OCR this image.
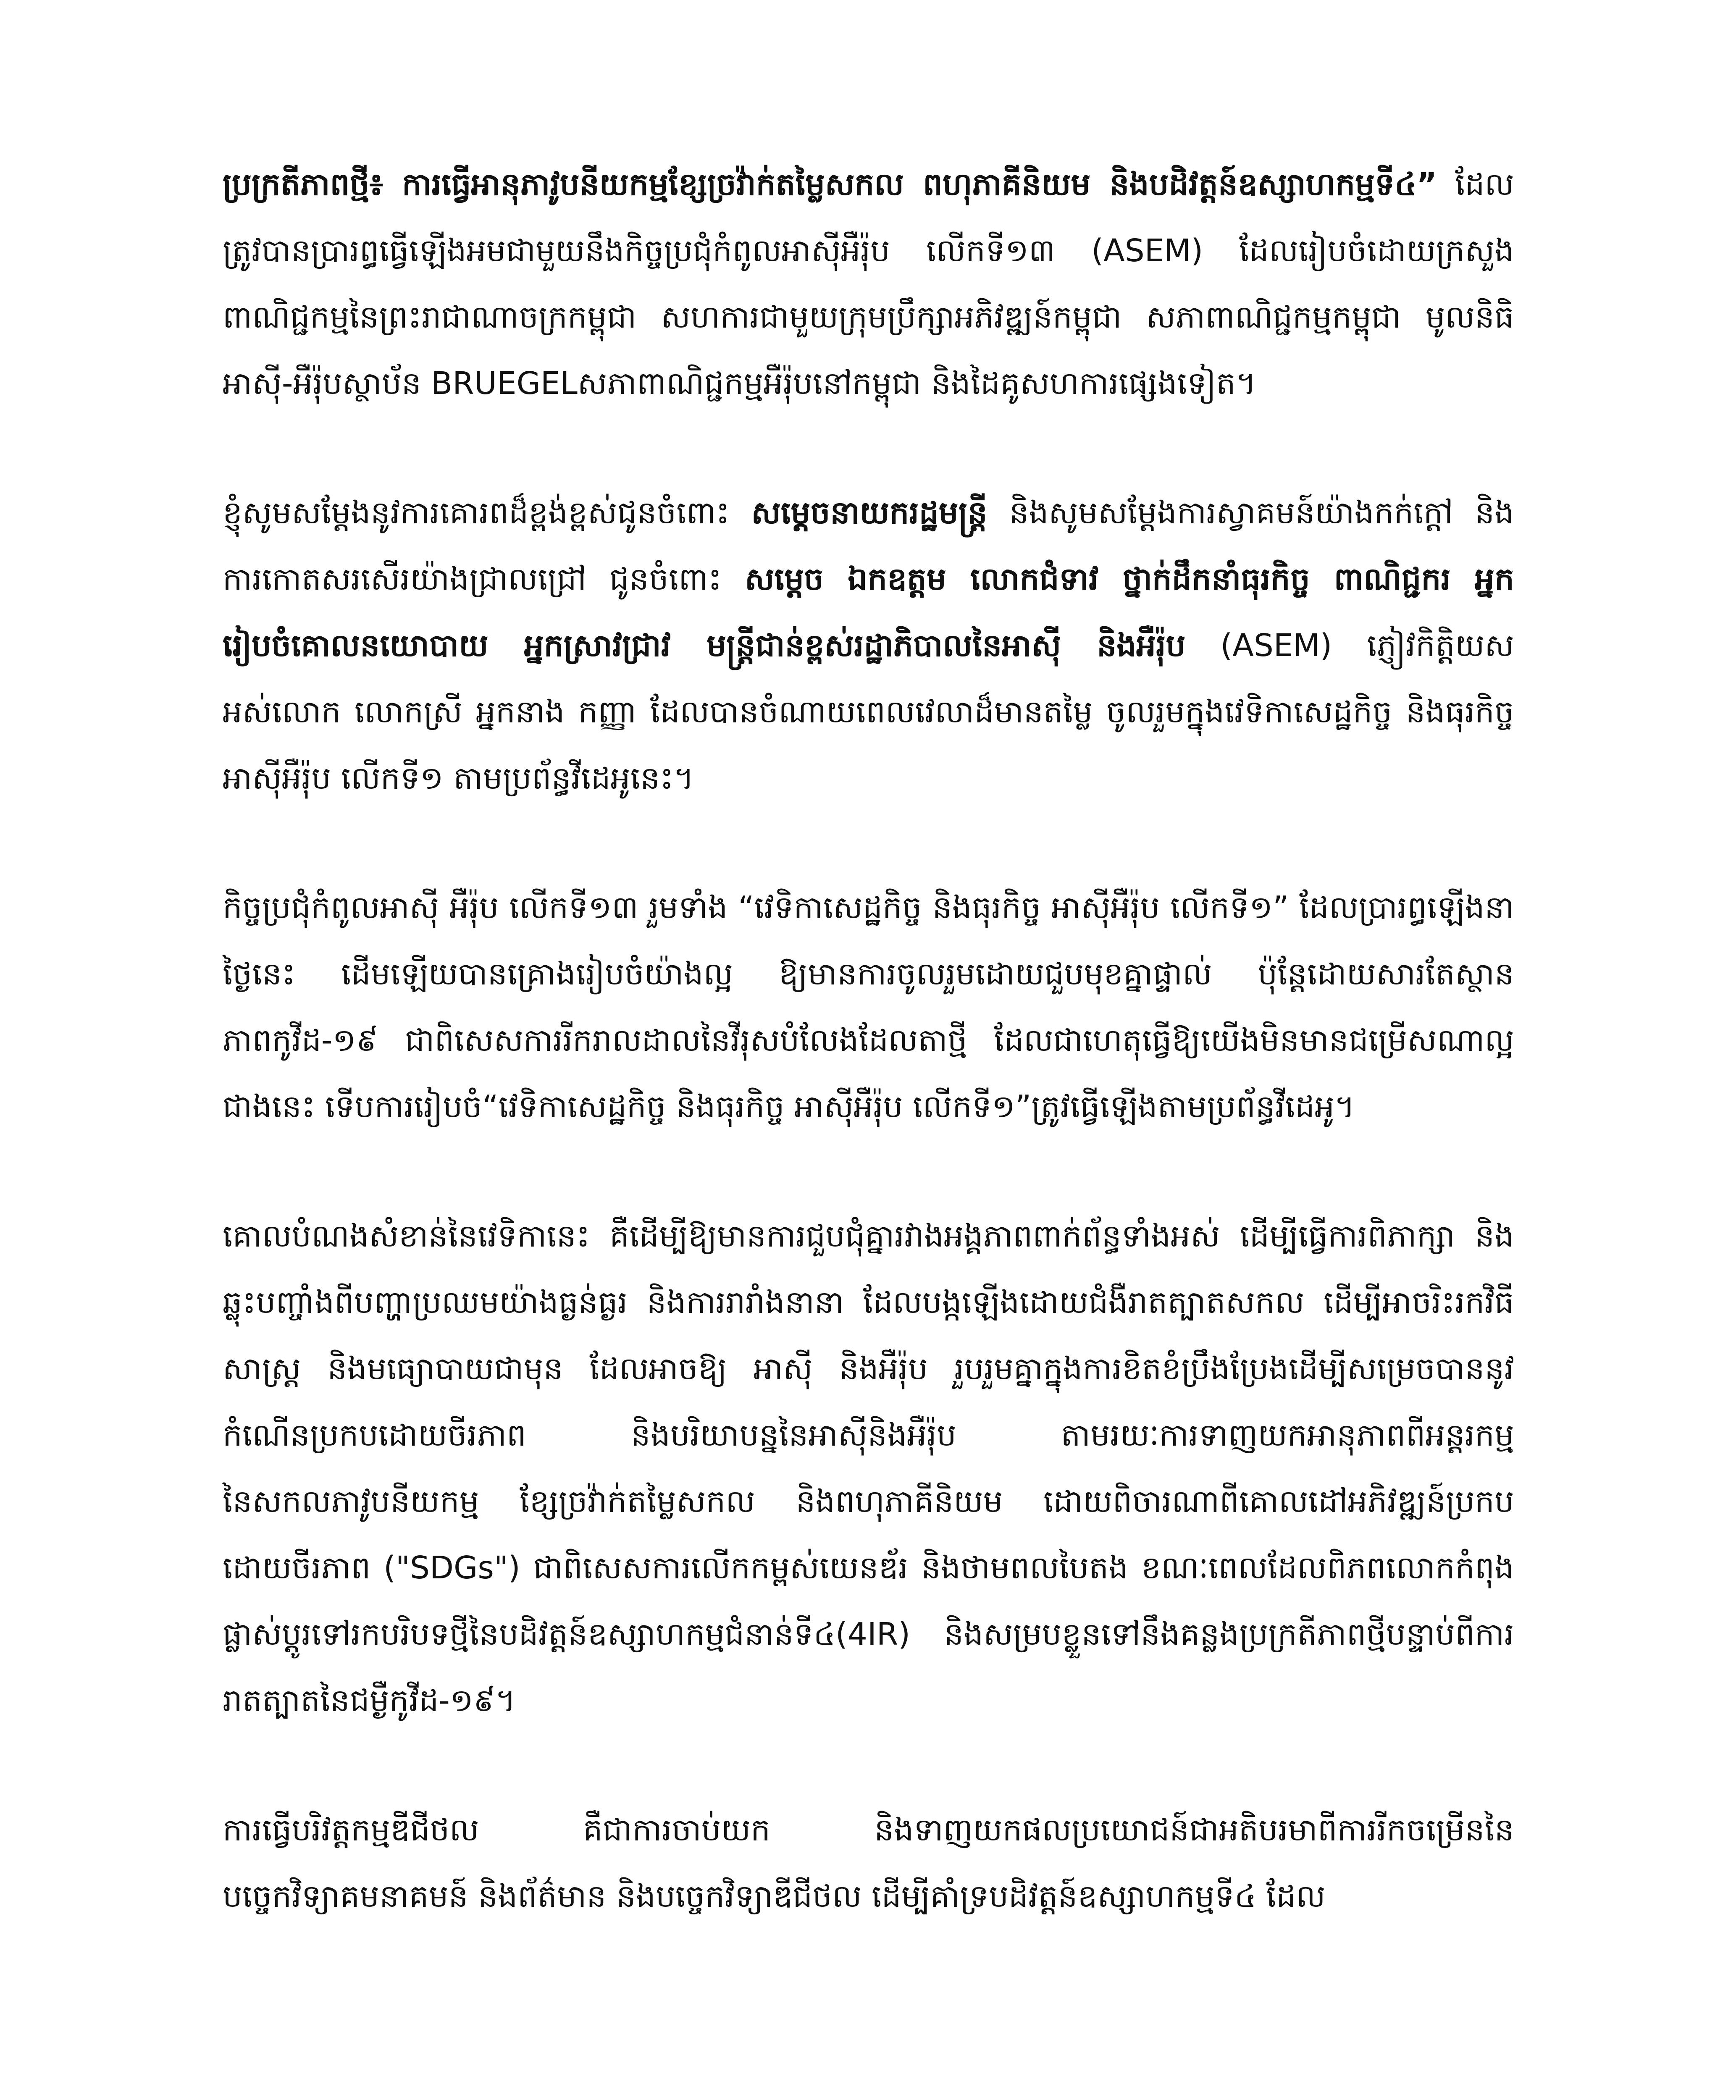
ប្រក្រតីភាពថ្មី៖ ការធ្វើអានុភាវូបនីយកម្មខ្សែច្រវ៉ាក់តម្លៃសកល ពហុភាគីនិយម និងបដិវត្តន៍ឧស្សាហកម្មទី៤” ដែលត្រូវបានប្រារព្ធធ្វើឡើងអមជាមួយនឹងកិច្ចប្រជុំកំពូលអាស៊ីអឺរ៉ុប លើកទី១៣ (ASEM) ដែលរៀបចំដោយក្រសួងពាណិជ្ជកម្មនៃព្រះរាជាណាចក្រកម្ពុជា សហការជាមួយក្រុមប្រឹក្សាអភិវឌ្ឍន៍កម្ពុជា សភាពាណិជ្ជកម្មកម្ពុជា មូលនិធិអាស៊ី-អឺរ៉ុបស្ថាប័ន BRUEGELសភាពាណិជ្ជកម្មអឺរ៉ុបនៅកម្ពុជា និងដៃគូសហការផ្សេងទៀត។

ខ្ញុំសូមសម្តែងនូវការគោរពដ៏ខ្ពង់ខ្ពស់ជូនចំពោះ សម្តេចនាយករដ្ឋមន្ត្រី និងសូមសម្តែងការស្វាគមន៍យ៉ាងកក់ក្តៅ និងការកោតសរសើរយ៉ាងជ្រាលជ្រៅ ជូនចំពោះ សម្តេច ឯកឧត្តម លោកជំទាវ ថ្នាក់ដឹកនាំធុរកិច្ច ពាណិជ្ជករ អ្នករៀបចំគោលនយោបាយ អ្នកស្រាវជ្រាវ មន្ត្រីជាន់ខ្ពស់រដ្ឋាភិបាលនៃអាស៊ី និងអឺរ៉ុប (ASEM) ភ្ញៀវកិត្តិយស អស់លោក លោកស្រី អ្នកនាង កញ្ញា ដែលបានចំណាយពេលវេលាដ៏មានតម្លៃ ចូលរួមក្នុងវេទិកាសេដ្ឋកិច្ច និងធុរកិច្ចអាស៊ីអឺរ៉ុប លើកទី១ តាមប្រព័ន្ធវីដេអូនេះ។

កិច្ចប្រជុំកំពូលអាស៊ី អឺរ៉ុប លើកទី១៣ រួមទាំង “វេទិកាសេដ្ឋកិច្ច និងធុរកិច្ច អាស៊ីអឺរ៉ុប លើកទី១” ដែលប្រារព្ធឡើងនាថ្ងៃនេះ ដើមឡើយបានគ្រោងរៀបចំយ៉ាងល្អ ឱ្យមានការចូលរួមដោយជួបមុខគ្នាផ្ទាល់ ប៉ុន្តែដោយសារតែស្ថានភាពកូវីដ-១៩ ជាពិសេសការរីករាលដាលនៃវីរុសបំលែងដែលតាថ្មី ដែលជាហេតុធ្វើឱ្យយើងមិនមានជម្រើសណាល្អជាងនេះ ទើបការរៀបចំ“វេទិកាសេដ្ឋកិច្ច និងធុរកិច្ច អាស៊ីអឺរ៉ុប លើកទី១”ត្រូវធ្វើឡើងតាមប្រព័ន្ធវីដេអូ។

គោលបំណងសំខាន់នៃវេទិកានេះ គឺដើម្បីឱ្យមានការជួបជុំគ្នារវាងអង្គភាពពាក់ព័ន្ធទាំងអស់ ដើម្បីធ្វើការពិភាក្សា និងឆ្លុះបញ្ចាំងពីបញ្ហាប្រឈមយ៉ាងធ្ងន់ធ្ងរ និងការរារាំងនានា ដែលបង្កឡើងដោយជំងឺរាតត្បាតសកល ដើម្បីអាចរិះរកវិធីសាស្ត្រ និងមធ្យោបាយជាមុន ដែលអាចឱ្យ អាស៊ី និងអឺរ៉ុប រួបរួមគ្នាក្នុងការខិតខំប្រឹងប្រែងដើម្បីសម្រេចបាននូវកំណើនប្រកបដោយចីរភាព និងបរិយាបន្ននៃអាស៊ីនិងអឺរ៉ុប តាមរយៈការទាញយកអានុភាពពីអន្តរកម្មនៃសកលភាវូបនីយកម្ម ខ្សែច្រវ៉ាក់តម្លៃសកល និងពហុភាគីនិយម ដោយពិចារណាពីគោលដៅអភិវឌ្ឍន៍ប្រកបដោយចីរភាព ("SDGs") ជាពិសេសការលើកកម្ពស់យេនឌ័រ និងថាមពលបៃតង ខណៈពេលដែលពិភពលោកកំពុងផ្លាស់ប្តូរទៅរកបរិបទថ្មីនៃបដិវត្តន៍ឧស្សាហកម្មជំនាន់ទី៤(4IR) និងសម្របខ្លួនទៅនឹងគន្លងប្រក្រតីភាពថ្មីបន្ទាប់ពីការរាតត្បាតនៃជម្ងឺកូវីដ-១៩។

ការធ្វើបរិវត្តកម្មឌីជីថល គឺជាការចាប់យក និងទាញយកផលប្រយោជន៍ជាអតិបរមាពីការរីកចម្រើននៃបច្ចេកវិទ្យាគមនាគមន៍ និងព័ត៌មាន និងបច្ចេកវិទ្យាឌីជីថល ដើម្បីគាំទ្របដិវត្តន៍ឧស្សាហកម្មទី៤ ដែល
